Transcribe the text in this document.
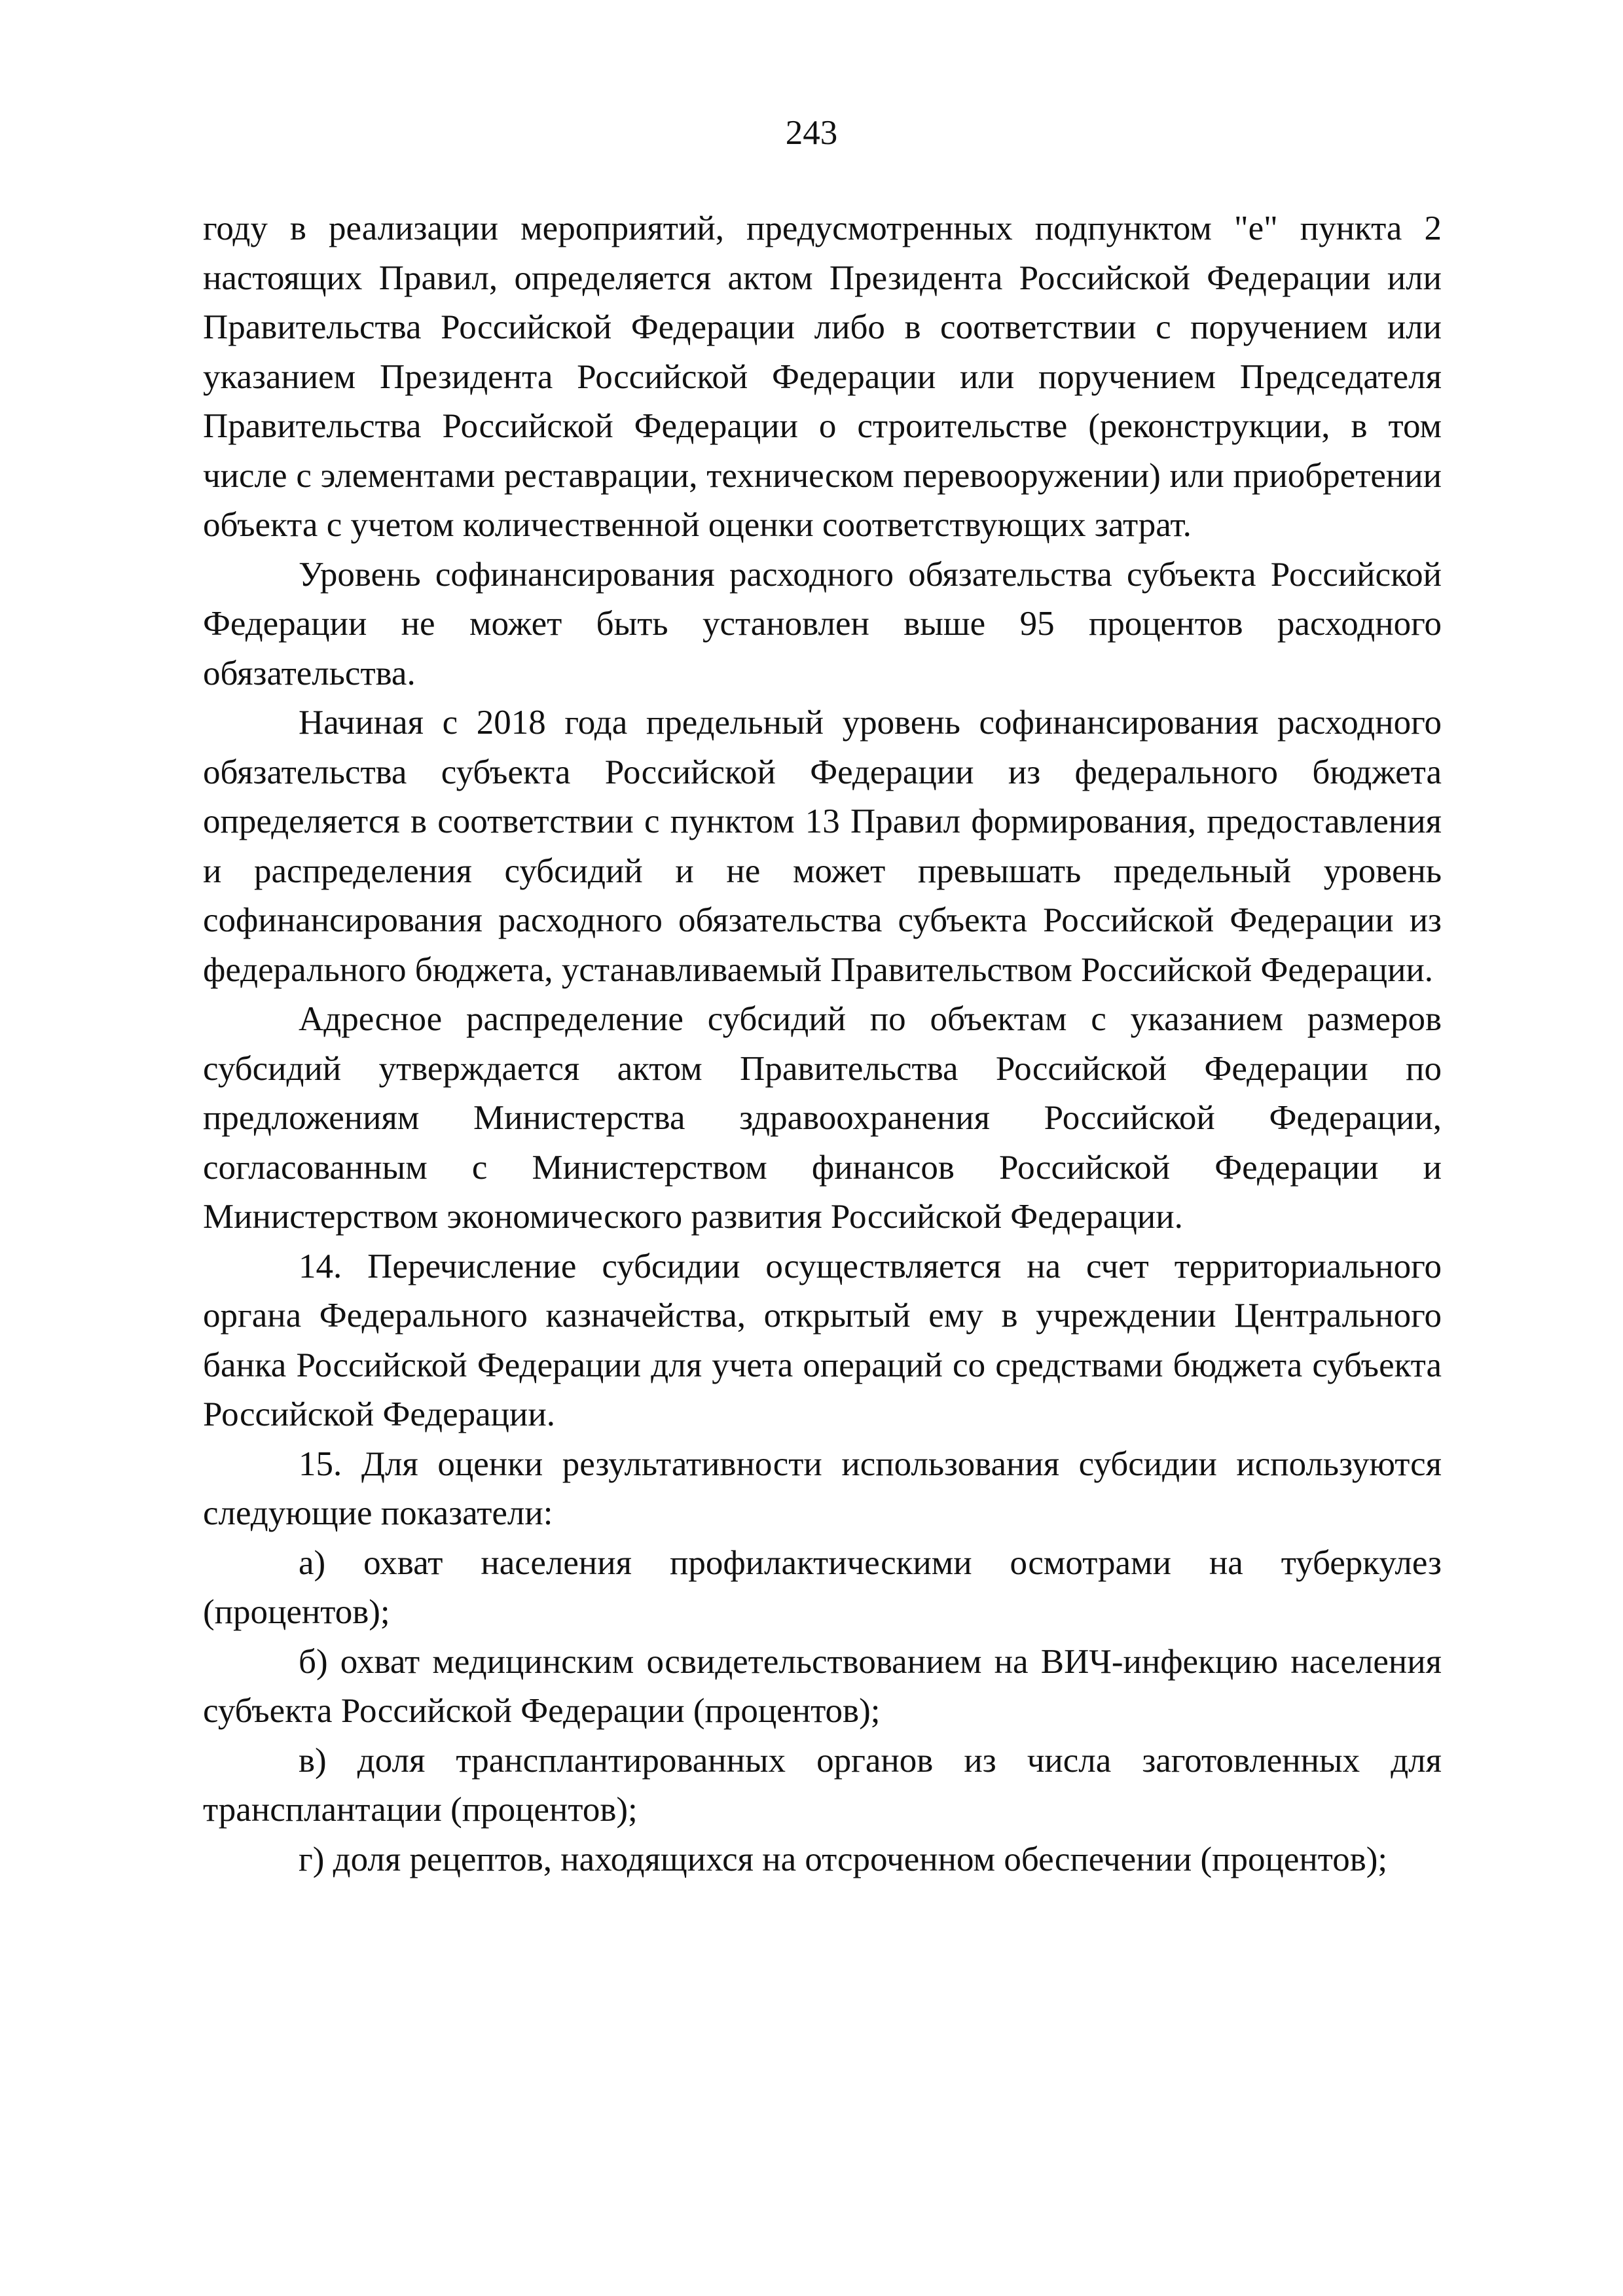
243

году в реализации мероприятий, предусмотренных подпунктом "е" пункта 2 настоящих Правил, определяется актом Президента Российской Федерации или Правительства Российской Федерации либо в соответствии с поручением или указанием Президента Российской Федерации или поручением Председателя Правительства Российской Федерации о строительстве (реконструкции, в том числе с элементами реставрации, техническом перевооружении) или приобретении объекта с учетом количественной оценки соответствующих затрат.

Уровень софинансирования расходного обязательства субъекта Российской Федерации не может быть установлен выше 95 процентов расходного обязательства.

Начиная с 2018 года предельный уровень софинансирования расходного обязательства субъекта Российской Федерации из федерального бюджета определяется в соответствии с пунктом 13 Правил формирования, предоставления и распределения субсидий и не может превышать предельный уровень софинансирования расходного обязательства субъекта Российской Федерации из федерального бюджета, устанавливаемый Правительством Российской Федерации.

Адресное распределение субсидий по объектам с указанием размеров субсидий утверждается актом Правительства Российской Федерации по предложениям Министерства здравоохранения Российской Федерации, согласованным с Министерством финансов Российской Федерации и Министерством экономического развития Российской Федерации.

14. Перечисление субсидии осуществляется на счет территориального органа Федерального казначейства, открытый ему в учреждении Центрального банка Российской Федерации для учета операций со средствами бюджета субъекта Российской Федерации.

15. Для оценки результативности использования субсидии используются следующие показатели:

а) охват населения профилактическими осмотрами на туберкулез (процентов);

б) охват медицинским освидетельствованием на ВИЧ-инфекцию населения субъекта Российской Федерации (процентов);

в) доля трансплантированных органов из числа заготовленных для трансплантации (процентов);

г) доля рецептов, находящихся на отсроченном обеспечении (процентов);
